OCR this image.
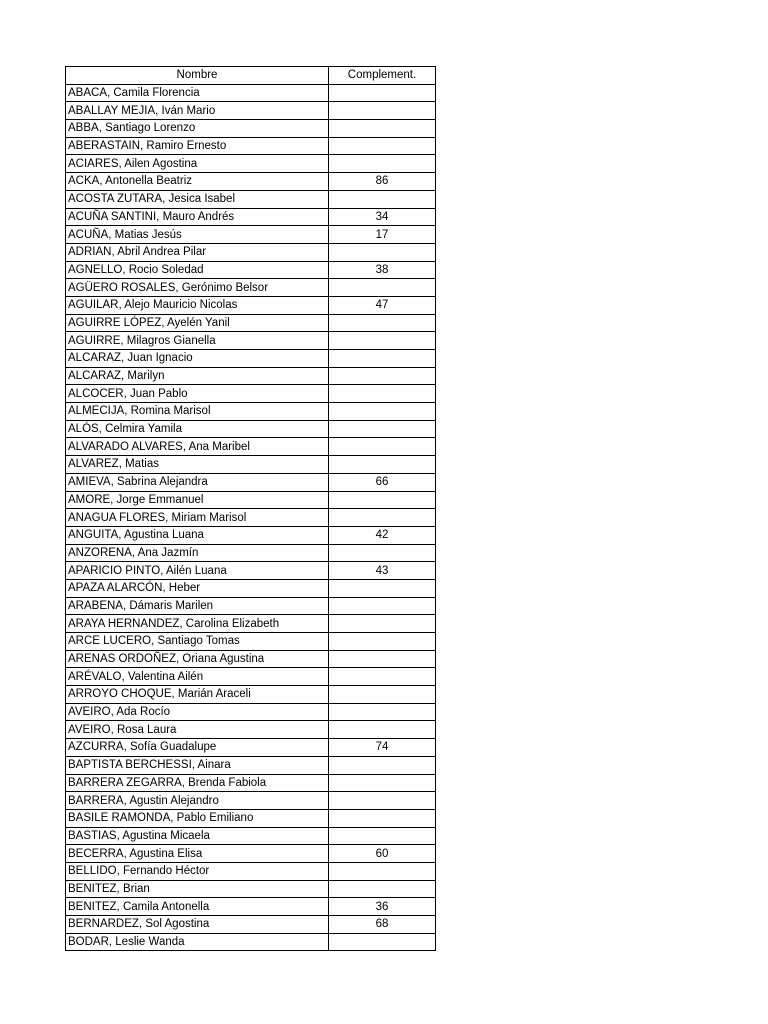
Nombre	Complement.
ABACA, Camila Florencia	
ABALLAY MEJIA, Iván Mario	
ABBA, Santiago Lorenzo	
ABERASTAIN, Ramiro Ernesto	
ACIARES, Ailen Agostina	
ACKA, Antonella Beatriz	86
ACOSTA ZUTARA, Jesica Isabel	
ACUÑA SANTINI, Mauro Andrés	34
ACUÑA, Matias Jesús	17
ADRIAN, Abril Andrea Pilar	
AGNELLO, Rocio Soledad	38
AGÜERO ROSALES, Gerónimo Belsor	
AGUILAR, Alejo Mauricio Nicolas	47
AGUIRRE LÓPEZ, Ayelén Yanil	
AGUIRRE, Milagros Gianella	
ALCARAZ, Juan Ignacio	
ALCARAZ, Marilyn	
ALCOCER, Juan Pablo	
ALMECIJA, Romina Marisol	
ALÓS, Celmira Yamila	
ALVARADO ALVARES, Ana Maribel	
ALVAREZ, Matias	
AMIEVA, Sabrina Alejandra	66
AMORE, Jorge Emmanuel	
ANAGUA FLORES, Miriam Marisol	
ANGUITA, Agustina Luana	42
ANZORENA, Ana Jazmín	
APARICIO PINTO, Ailén Luana	43
APAZA ALARCÓN, Heber	
ARABENA, Dámaris Marilen	
ARAYA HERNANDEZ, Carolina Elizabeth	
ARCE LUCERO, Santiago Tomas	
ARENAS ORDOÑEZ, Oriana Agustina	
ARÉVALO, Valentina Ailén	
ARROYO CHOQUE, Marián Araceli	
AVEIRO, Ada Rocío	
AVEIRO, Rosa Laura	
AZCURRA, Sofía Guadalupe	74
BAPTISTA BERCHESSI, Ainara	
BARRERA ZEGARRA, Brenda Fabiola	
BARRERA, Agustin Alejandro	
BASILE RAMONDA, Pablo Emiliano	
BASTIAS, Agustina Micaela	
BECERRA, Agustina Elisa	60
BELLIDO, Fernando Héctor	
BENITEZ, Brian	
BENITEZ, Camila Antonella	36
BERNARDEZ, Sol Agostina	68
BODAR, Leslie Wanda	
